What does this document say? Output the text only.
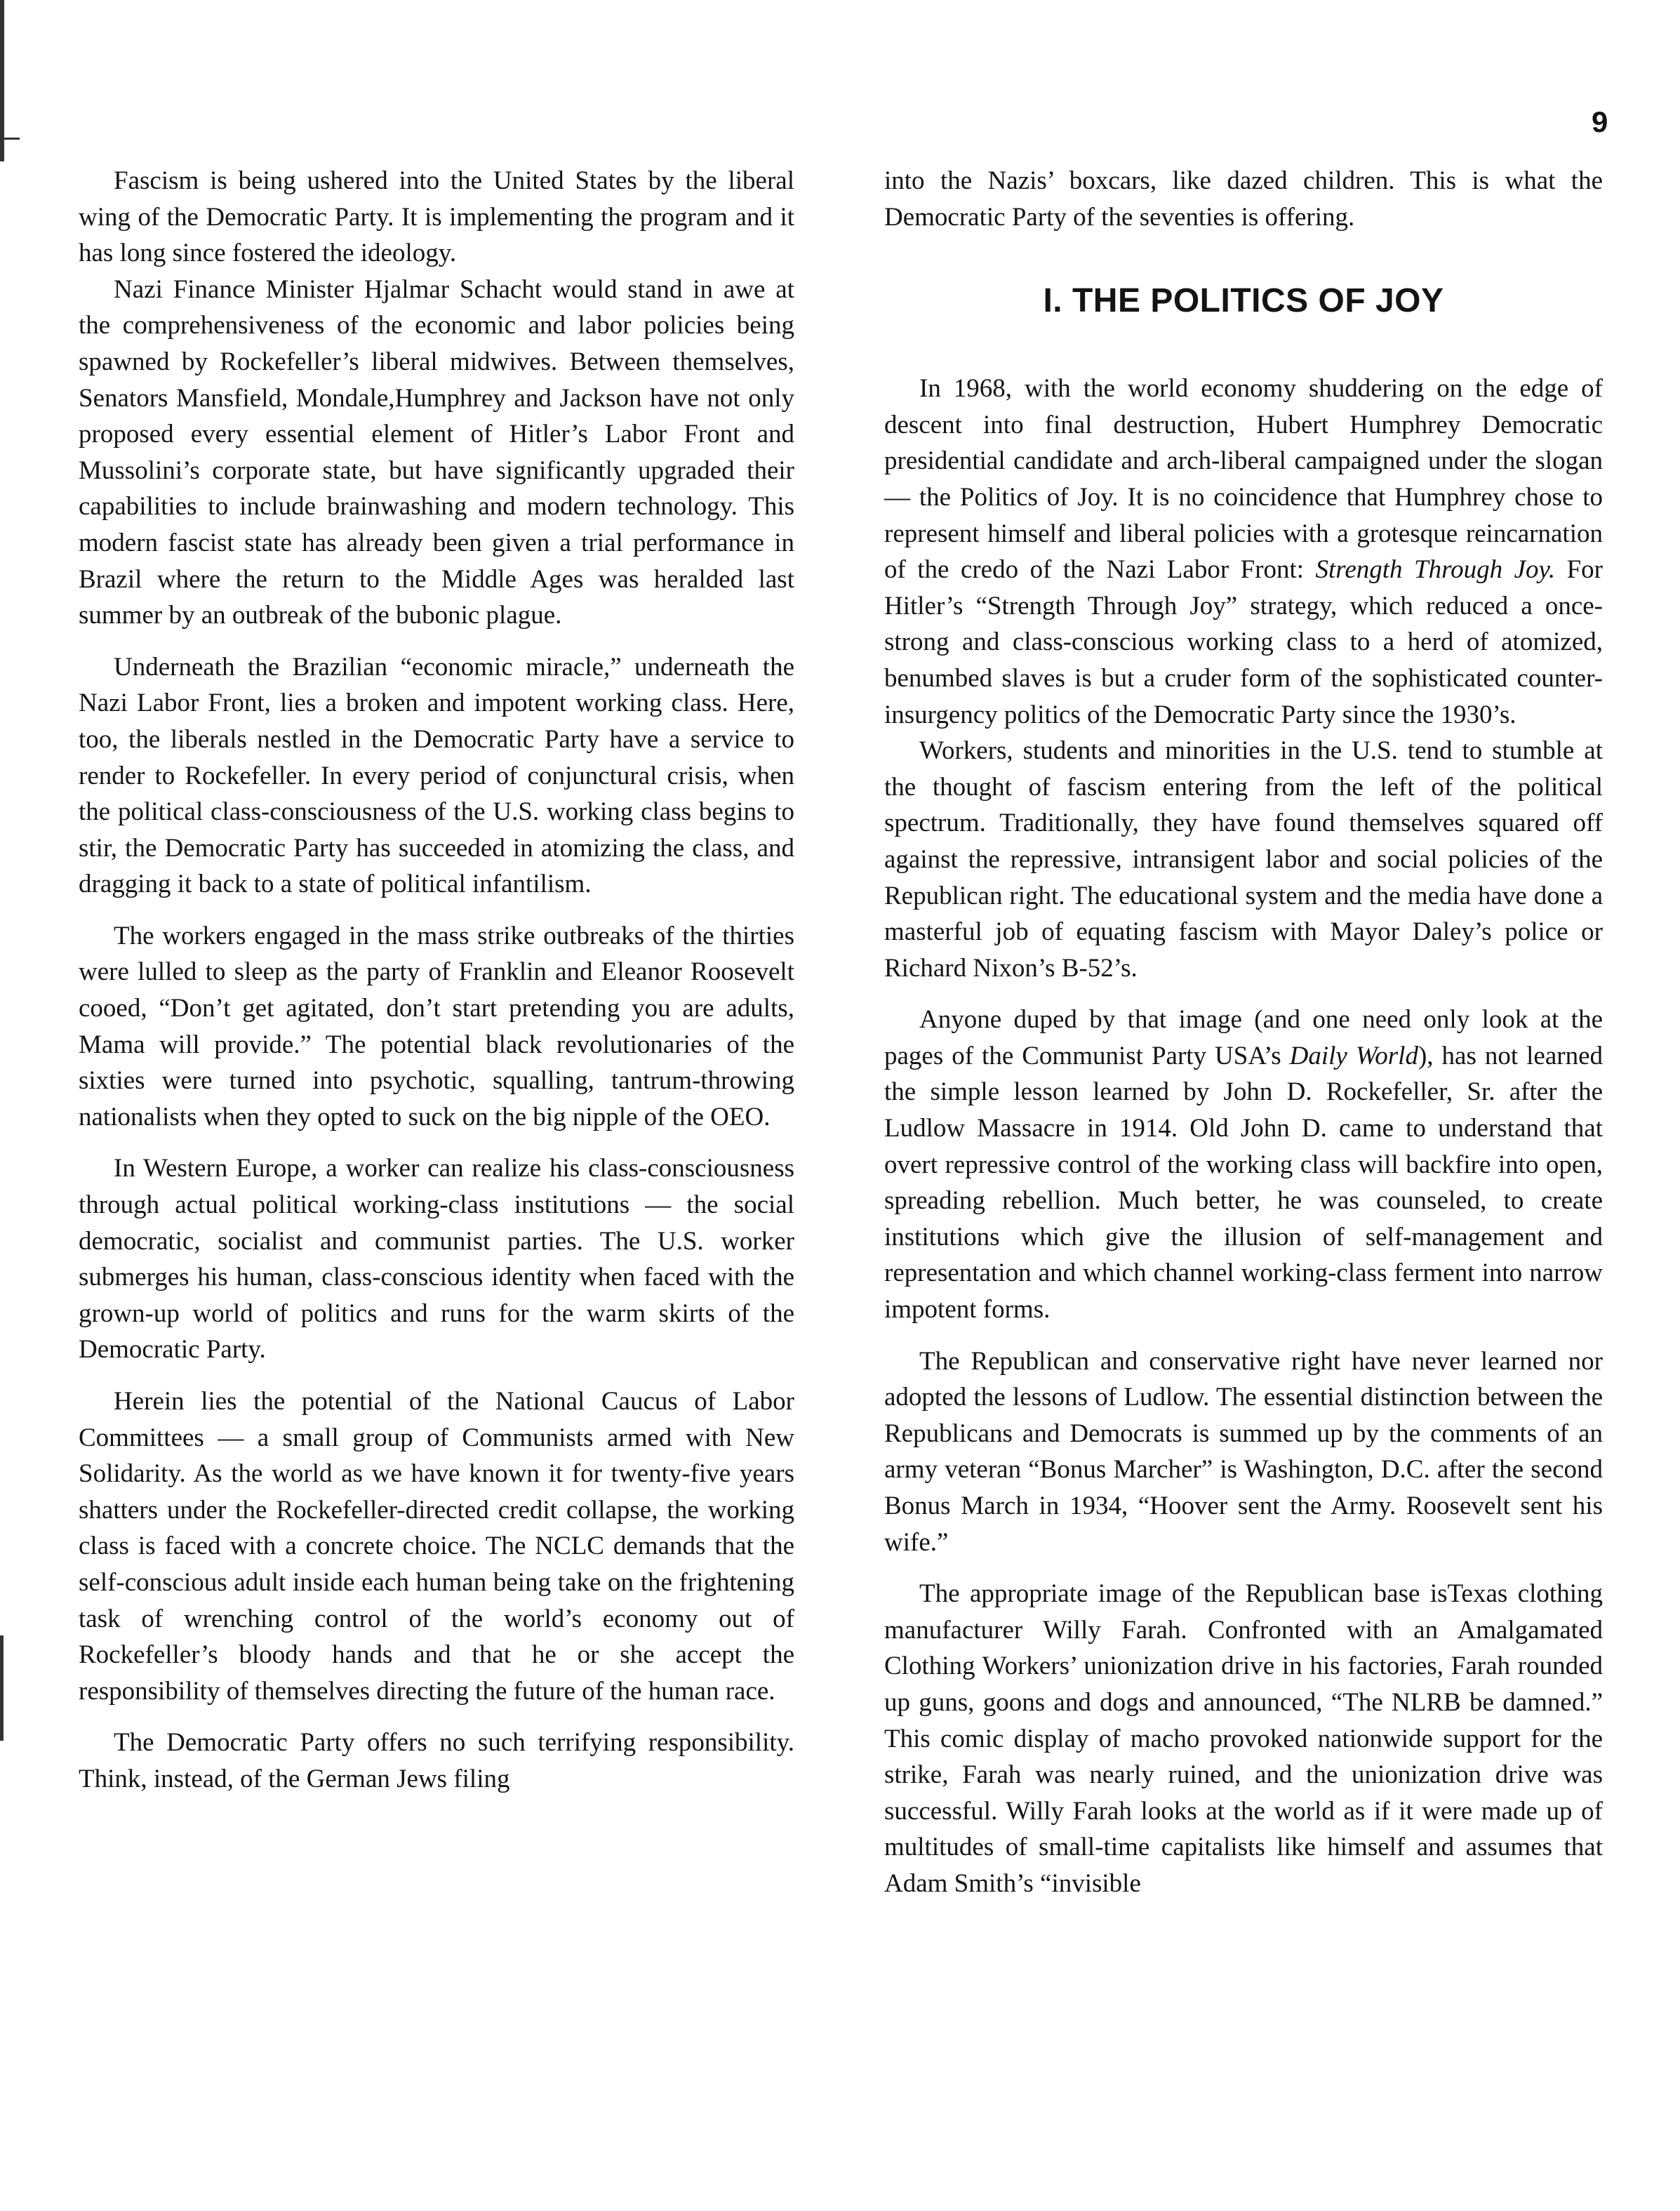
9

Fascism is being ushered into the United States by the liberal wing of the Democratic Party. It is implementing the program and it has long since fostered the ideology.

Nazi Finance Minister Hjalmar Schacht would stand in awe at the comprehensiveness of the economic and labor policies being spawned by Rockefeller’s liberal midwives. Between themselves, Senators Mansfield, Mondale,Humphrey and Jackson have not only proposed every essential element of Hitler’s Labor Front and Mussolini’s corporate state, but have significantly upgraded their capabilities to include brainwashing and modern technology. This modern fascist state has already been given a trial performance in Brazil where the return to the Middle Ages was heralded last summer by an outbreak of the bubonic plague.

Underneath the Brazilian “economic miracle,” underneath the Nazi Labor Front, lies a broken and impotent working class. Here, too, the liberals nestled in the Democratic Party have a service to render to Rockefeller. In every period of conjunctural crisis, when the political class-consciousness of the U.S. working class begins to stir, the Democratic Party has succeeded in atomizing the class, and dragging it back to a state of political infantilism.

The workers engaged in the mass strike outbreaks of the thirties were lulled to sleep as the party of Franklin and Eleanor Roosevelt cooed, “Don’t get agitated, don’t start pretending you are adults, Mama will provide.” The potential black revolutionaries of the sixties were turned into psychotic, squalling, tantrum-throwing nationalists when they opted to suck on the big nipple of the OEO.

In Western Europe, a worker can realize his class-consciousness through actual political working-class institutions — the social democratic, socialist and communist parties. The U.S. worker submerges his human, class-conscious identity when faced with the grown-up world of politics and runs for the warm skirts of the Democratic Party.

Herein lies the potential of the National Caucus of Labor Committees — a small group of Communists armed with New Solidarity. As the world as we have known it for twenty-five years shatters under the Rockefeller-directed credit collapse, the working class is faced with a concrete choice. The NCLC demands that the self-conscious adult inside each human being take on the frightening task of wrenching control of the world’s economy out of Rockefeller’s bloody hands and that he or she accept the responsibility of themselves directing the future of the human race.

The Democratic Party offers no such terrifying responsibility. Think, instead, of the German Jews filing

into the Nazis’ boxcars, like dazed children. This is what the Democratic Party of the seventies is offering.

I. THE POLITICS OF JOY

In 1968, with the world economy shuddering on the edge of descent into final destruction, Hubert Humphrey Democratic presidential candidate and arch-liberal campaigned under the slogan — the Politics of Joy. It is no coincidence that Humphrey chose to represent himself and liberal policies with a grotesque reincarnation of the credo of the Nazi Labor Front: Strength Through Joy. For Hitler’s “Strength Through Joy” strategy, which reduced a once-strong and class-conscious working class to a herd of atomized, benumbed slaves is but a cruder form of the sophisticated counter-insurgency politics of the Democratic Party since the 1930’s.

Workers, students and minorities in the U.S. tend to stumble at the thought of fascism entering from the left of the political spectrum. Traditionally, they have found themselves squared off against the repressive, intransigent labor and social policies of the Republican right. The educational system and the media have done a masterful job of equating fascism with Mayor Daley’s police or Richard Nixon’s B-52’s.

Anyone duped by that image (and one need only look at the pages of the Communist Party USA’s Daily World), has not learned the simple lesson learned by John D. Rockefeller, Sr. after the Ludlow Massacre in 1914. Old John D. came to understand that overt repressive control of the working class will backfire into open, spreading rebellion. Much better, he was counseled, to create institutions which give the illusion of self-management and representation and which channel working-class ferment into narrow impotent forms.

The Republican and conservative right have never learned nor adopted the lessons of Ludlow. The essential distinction between the Republicans and Democrats is summed up by the comments of an army veteran “Bonus Marcher” is Washington, D.C. after the second Bonus March in 1934, “Hoover sent the Army. Roosevelt sent his wife.”

The appropriate image of the Republican base isTexas clothing manufacturer Willy Farah. Confronted with an Amalgamated Clothing Workers’ unionization drive in his factories, Farah rounded up guns, goons and dogs and announced, “The NLRB be damned.” This comic display of macho provoked nationwide support for the strike, Farah was nearly ruined, and the unionization drive was successful. Willy Farah looks at the world as if it were made up of multitudes of small-time capitalists like himself and assumes that Adam Smith’s “invisible
